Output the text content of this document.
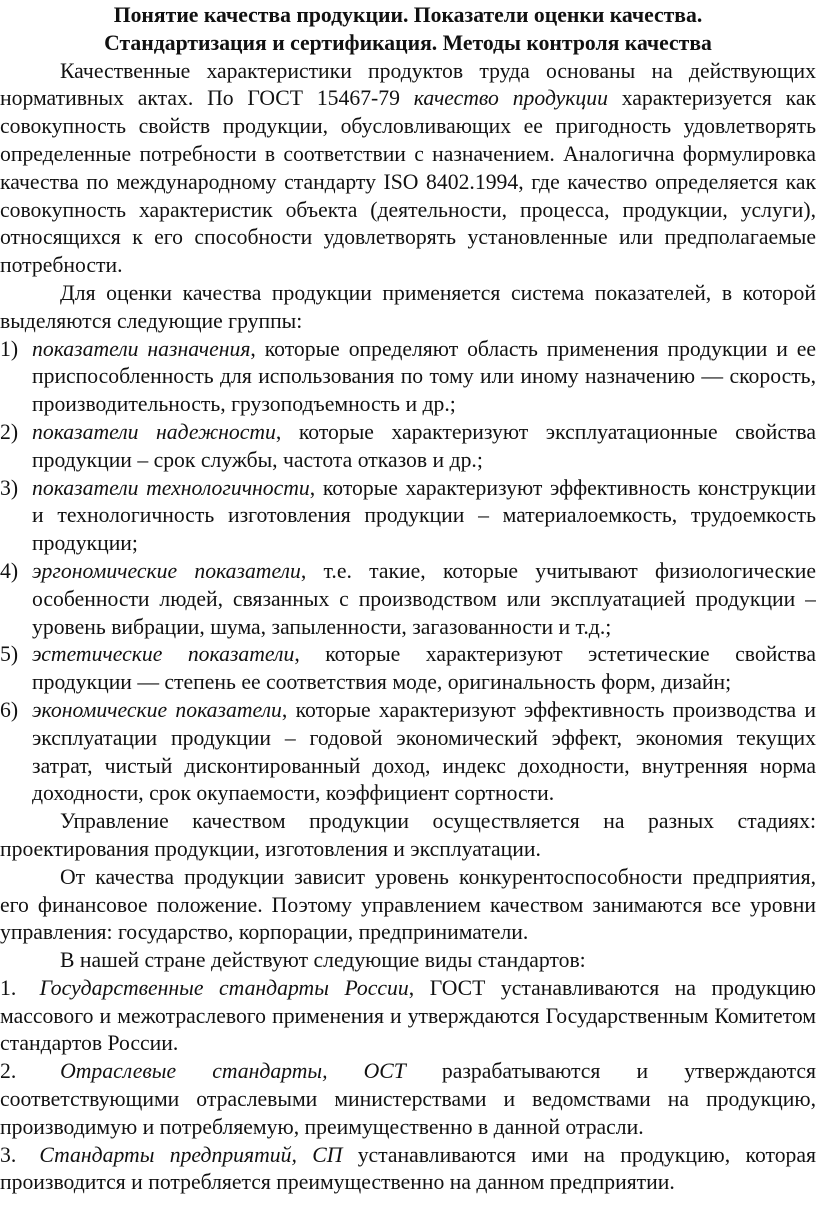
Понятие качества продукции. Показатели оценки качества.
Стандартизация и сертификация. Методы контроля качества

Качественные характеристики продуктов труда основаны на действующих нормативных актах. По ГОСТ 15467-79 качество продукции характеризуется как совокупность свойств продукции, обусловливающих ее пригодность удовлетворять определенные потребности в соответствии с назначением. Аналогична формулировка качества по международному стандарту ISO 8402.1994, где качество определяется как совокупность характеристик объекта (деятельности, процесса, продукции, услуги), относящихся к его способности удовлетворять установленные или предполагаемые потребности.

Для оценки качества продукции применяется система показателей, в которой выделяются следующие группы:

1) показатели назначения, которые определяют область применения продукции и ее приспособленность для использования по тому или иному назначению — скорость, производительность, грузоподъемность и др.;
2) показатели надежности, которые характеризуют эксплуатационные свойства продукции – срок службы, частота отказов и др.;
3) показатели технологичности, которые характеризуют эффективность конструкции и технологичность изготовления продукции – материалоемкость, трудоемкость продукции;
4) эргономические показатели, т.е. такие, которые учитывают физиологические особенности людей, связанных с производством или эксплуатацией продукции – уровень вибрации, шума, запыленности, загазованности и т.д.;
5) эстетические показатели, которые характеризуют эстетические свойства продукции — степень ее соответствия моде, оригинальность форм, дизайн;
6) экономические показатели, которые характеризуют эффективность производства и эксплуатации продукции – годовой экономический эффект, экономия текущих затрат, чистый дисконтированный доход, индекс доходности, внутренняя норма доходности, срок окупаемости, коэффициент сортности.

Управление качеством продукции осуществляется на разных стадиях: проектирования продукции, изготовления и эксплуатации.

От качества продукции зависит уровень конкурентоспособности предприятия, его финансовое положение. Поэтому управлением качеством занимаются все уровни управления: государство, корпорации, предприниматели.

В нашей стране действуют следующие виды стандартов:

1. Государственные стандарты России, ГОСТ устанавливаются на продукцию массового и межотраслевого применения и утверждаются Государственным Комитетом стандартов России.

2. Отраслевые стандарты, ОСТ разрабатываются и утверждаются соответствующими отраслевыми министерствами и ведомствами на продукцию, производимую и потребляемую, преимущественно в данной отрасли.

3. Стандарты предприятий, СП устанавливаются ими на продукцию, которая производится и потребляется преимущественно на данном предприятии.
